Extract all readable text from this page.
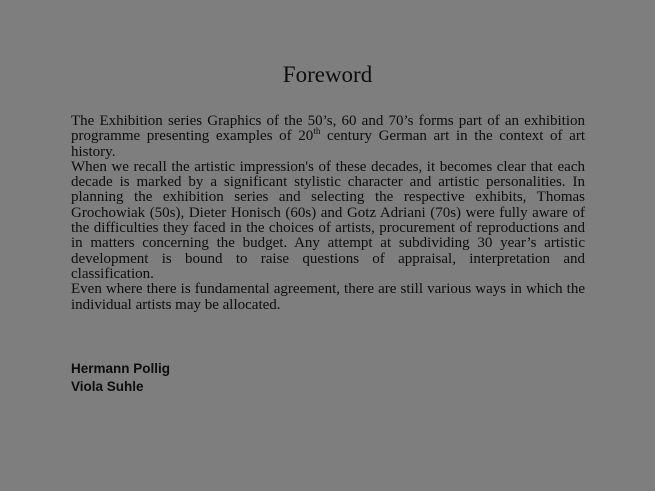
Foreword

The Exhibition series Graphics of the 50’s, 60 and 70’s forms part of an exhibition programme presenting examples of 20th century German art in the context of art history.

When we recall the artistic impression's of these decades, it becomes clear that each decade is marked by a significant stylistic character and artistic personalities. In planning the exhibition series and selecting the respective exhibits, Thomas Grochowiak (50s), Dieter Honisch (60s) and Gotz Adriani (70s) were fully aware of the difficulties they faced in the choices of artists, procurement of reproductions and in matters concerning the budget. Any attempt at subdividing 30 year’s artistic development is bound to raise questions of appraisal, interpretation and classification.

Even where there is fundamental agreement, there are still various ways in which the individual artists may be allocated.

Hermann Pollig
Viola Suhle
